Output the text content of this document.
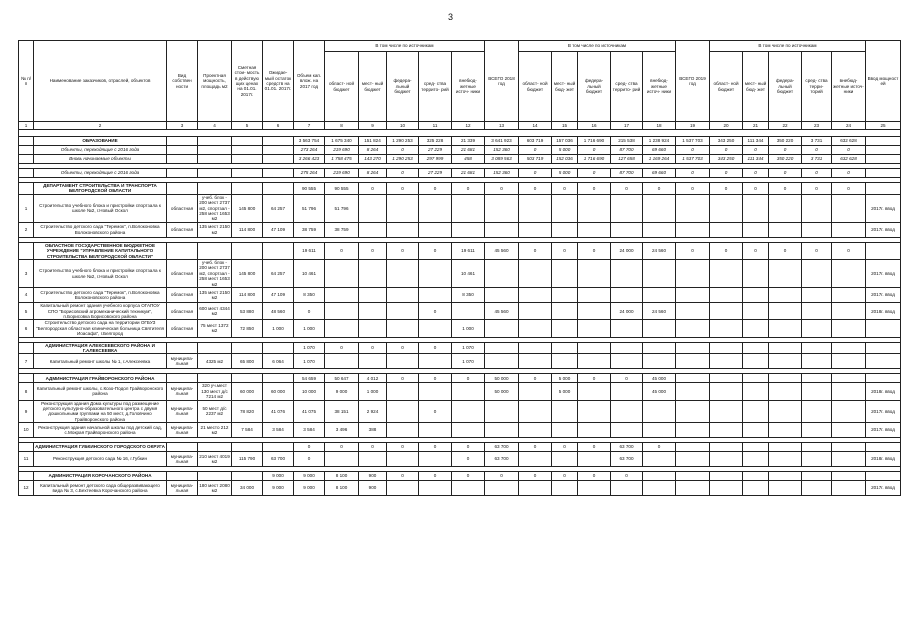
3
№ п/п	Наименование заказчиков, отраслей, объектов	Вид собствен ности	Проектная мощность, площадь м2	Сметная стои- мость в действую щих ценах на 01.01. 2017г.	Ожидае- мый остаток средств на 01.01. 2017г.	Объем кап. влож. на 2017 год	В том числе по источникам					ВСЕГО 2018 год	В том числе по источникам					ВСЕГО 2019 год	В том числе по источникам					Ввод мощност ей
							област- ной бюджет	мест- ный бюджет	федера- льный бюджет	сред- ства террито- рий	внебюд- жетные источ- ники		област- ной бюджет	мест- ный бюд- жет	федера- льный бюджет	сред- ства террито- рий	внебюд- жетные источ- ники		област- ной бюджет	мест- ный бюд- жет	федера- льный бюджет	сред- ства терри- торий	внебюд- жетные источ- ники	
1	2	3	4	5	6	7	8	9	10	11	12	13	14	15	16	17	18	19	20	21	22	23	24	25

	ОБРАЗОВАНИЕ					3 563 754	1 675 340	151 824	1 290 253	325 228	21 339	3 641 923	603 719	157 036	1 716 690	215 538	1 238 924	1 537 703	343 250	111 344	350 220	3 731	632 628	
	Объекты, переходящие с 2016 года					273 264	219 690	8 264	0	27 229	21 681	152 360	0	5 000	0	87 700	69 660	0	0	0	0	0	0	
	Вновь начинаемые объекты					3 266 423	1 758 475	143 270	1 290 253	297 999	458	3 089 563	503 719	152 036	1 716 690	127 658	1 169 264	1 537 703	343 250	111 344	350 220	3 731	632 628	

	Объекты, переходящие с 2016 года					275 264	219 690	8 264	0	27 229	21 681	152 360	0	5 000	0	87 700	69 660	0	0	0	0	0	0	

	ДЕПАРТАМЕНТ СТРОИТЕЛЬСТВА И ТРАНСПОРТА БЕЛГОРОДСКОЙ ОБЛАСТИ					90 555	90 555	0	0	0	0	0	0	0	0	0	0	0	0	0	0	0	0	
1	Строительство учебного блока и пристройки спортзала к школе №2, г.Новый Оскол	областная	учеб. блок - 200 мест 2737 м2, спортзал - 258 мест 1653 м2	145 800	64 257	51 796	51 796																	2017г. ввод
2	Строительство детского сада "Теремок", п.Волоконовка Волоконовского района	областная	135 мест 2150 м2	114 800	47 109	38 759	38 759																	2017г. ввод

	ОБЛАСТНОЕ ГОСУДАРСТВЕННОЕ БЮДЖЕТНОЕ УЧРЕЖДЕНИЕ "УПРАВЛЕНИЕ КАПИТАЛЬНОГО СТРОИТЕЛЬСТВА БЕЛГОРОДСКОЙ ОБЛАСТИ"					19 611	0	0	0	0	19 611	45 560	0	0	0	24 000	24 560	0	0	0	0	0	0	
3	Строительство учебного блока и пристройки спортзала к школе №2, г.Новый Оскол	областная	учеб. блок - 200 мест 2737 м2, спортзал - 258 мест 1653 м2	145 800	64 257	10 461					10 461													2017г. ввод
4	Строительство детского сада "Теремок", п.Волоконовка Волоконовского района	областная	135 мест 2150 м2	114 800	47 109	8 350					8 350													2017г. ввод
5	Капитальный ремонт здания учебного корпуса ОГАПОУ СПО "Борисовский агромеханический техникум", п.Борисовка Борисовского района	областная	600 мест 4344 м2	53 880	48 560	0				0		45 560				24 000	24 560							2018г. ввод
6	Строительство детского сада на территории ОГБУЗ "Белгородская областная клиническая больница Святителя Иоасафа", г.Белгород	областная	75 мест 1372 м2	72 850	1 000	1 000					1 000													

	АДМИНИСТРАЦИЯ АЛЕКСЕЕВСКОГО РАЙОНА И Г.АЛЕКСЕЕВКА					1 070	0	0	0	0	1 070													
7	Капитальный ремонт школы № 1, г.Алексеевка	муниципа- льная	4325 м2	65 800	6 064	1 070					1 070													

	АДМИНИСТРАЦИЯ ГРАЙВОРОНСКОГО РАЙОНА					54 659	50 647	4 012	0	0	0	50 000	0	5 000	0	0	45 000							
8	Капитальный ремонт школы, с.Козо-Подол Грайворонского района	муниципа- льная	320 уч.мест 130 мест д/с 7214 м2	60 000	60 000	10 000	9 000	1 000				50 000		5 000			45 000							2018г. ввод
9	Реконструкция здания Дома культуры под размещение детского культурно-образовательного центра с двумя дошкольными группами на 50 мест, д.Головчино Грайворонского района	муниципа- льная	50 мест д/с 2237 м2	78 820	41 076	41 075	38 151	2 924		0														2017г. ввод
10	Реконструкция здания начальной школы под детский сад, с.Мокрая Грайворонского района	муниципа- льная	21 место 212 м2	7 584	3 584	3 584	3 496	388																2017г. ввод

	АДМИНИСТРАЦИЯ ГУБКИНСКОГО ГОРОДСКОГО ОКРУГА					0	0	0	0	0	0	63 700	0	0	0	63 700	0							
11	Реконструкция детского сада № 16, г.Губкин	муниципа- льная	210 мест 4019 м2	115 790	63 700	0					0	63 700				63 700								2018г. ввод

	АДМИНИСТРАЦИЯ КОРОЧАНСКОГО РАЙОНА				9 000	9 000	8 100	900	0	0	0	0	0	0	0	0								
12	Капитальный ремонт детского сада общеразвивающего вида № 3, с.Бехтеевка Корочанского района	муниципа- льная	180 мест 2080 м2	34 000	9 000	9 000	8 100	900																2017г. ввод
